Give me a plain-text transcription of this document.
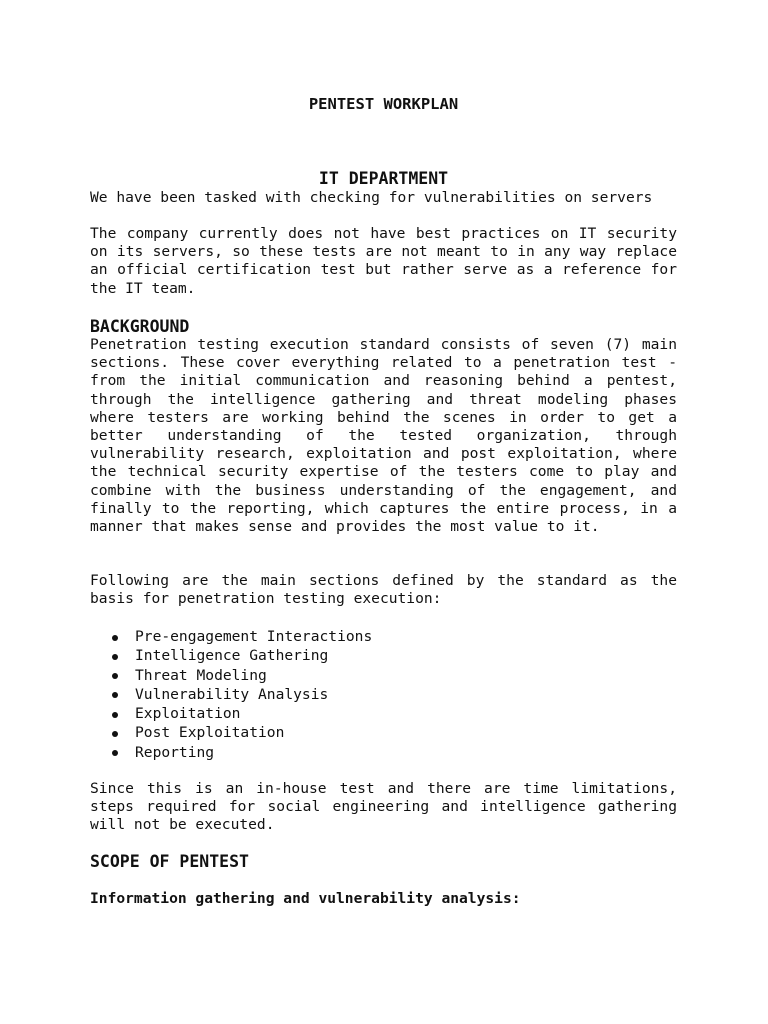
PENTEST WORKPLAN
IT DEPARTMENT

We have been tasked with checking for vulnerabilities on servers

The company currently does not have best practices on IT security on its servers, so these tests are not meant to in any way replace an official certification test but rather serve as a reference for the IT team.

BACKGROUND

Penetration testing execution standard consists of seven (7) main sections. These cover everything related to a penetration test - from the initial communication and reasoning behind a pentest, through the intelligence gathering and threat modeling phases where testers are working behind the scenes in order to get a better understanding of the tested organization, through vulnerability research, exploitation and post exploitation, where the technical security expertise of the testers come to play and combine with the business understanding of the engagement, and finally to the reporting, which captures the entire process, in a manner that makes sense and provides the most value to it.

Following are the main sections defined by the standard as the basis for penetration testing execution:

Pre-engagement Interactions
Intelligence Gathering
Threat Modeling
Vulnerability Analysis
Exploitation
Post Exploitation
Reporting

Since this is an in-house test and there are time limitations, steps required for social engineering and intelligence gathering will not be executed.

SCOPE OF PENTEST

Information gathering and vulnerability analysis:
